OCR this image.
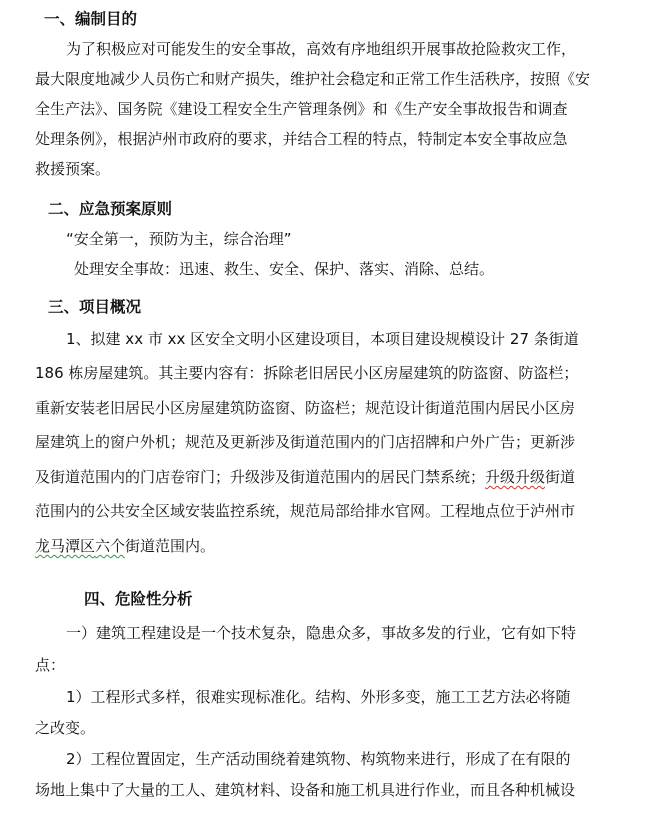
一、编制目的
为了积极应对可能发生的安全事故，高效有序地组织开展事故抢险救灾工作，
最大限度地减少人员伤亡和财产损失，维护社会稳定和正常工作生活秩序，按照《安
全生产法》、国务院《建设工程安全生产管理条例》和《生产安全事故报告和调查
处理条例》，根据泸州市政府的要求，并结合工程的特点，特制定本安全事故应急
救援预案。
二、应急预案原则
“安全第一，预防为主，综合治理”
处理安全事故：迅速、救生、安全、保护、落实、消除、总结。
三、项目概况
1、拟建 xx 市 xx 区安全文明小区建设项目，本项目建设规模设计 27 条街道
186 栋房屋建筑。其主要内容有：拆除老旧居民小区房屋建筑的防盗窗、防盗栏；
重新安装老旧居民小区房屋建筑防盗窗、防盗栏；规范设计街道范围内居民小区房
屋建筑上的窗户外机；规范及更新涉及街道范围内的门店招牌和户外广告；更新涉
及街道范围内的门店卷帘门；升级涉及街道范围内的居民门禁系统；升级升级街道
范围内的公共安全区域安装监控系统，规范局部给排水官网。工程地点位于泸州市
龙马潭区六个街道范围内。
四、危险性分析
一）建筑工程建设是一个技术复杂，隐患众多，事故多发的行业，它有如下特
点：
1）工程形式多样，很难实现标准化。结构、外形多变，施工工艺方法必将随
之改变。
2）工程位置固定，生产活动围绕着建筑物、构筑物来进行，形成了在有限的
场地上集中了大量的工人、建筑材料、设备和施工机具进行作业，而且各种机械设
